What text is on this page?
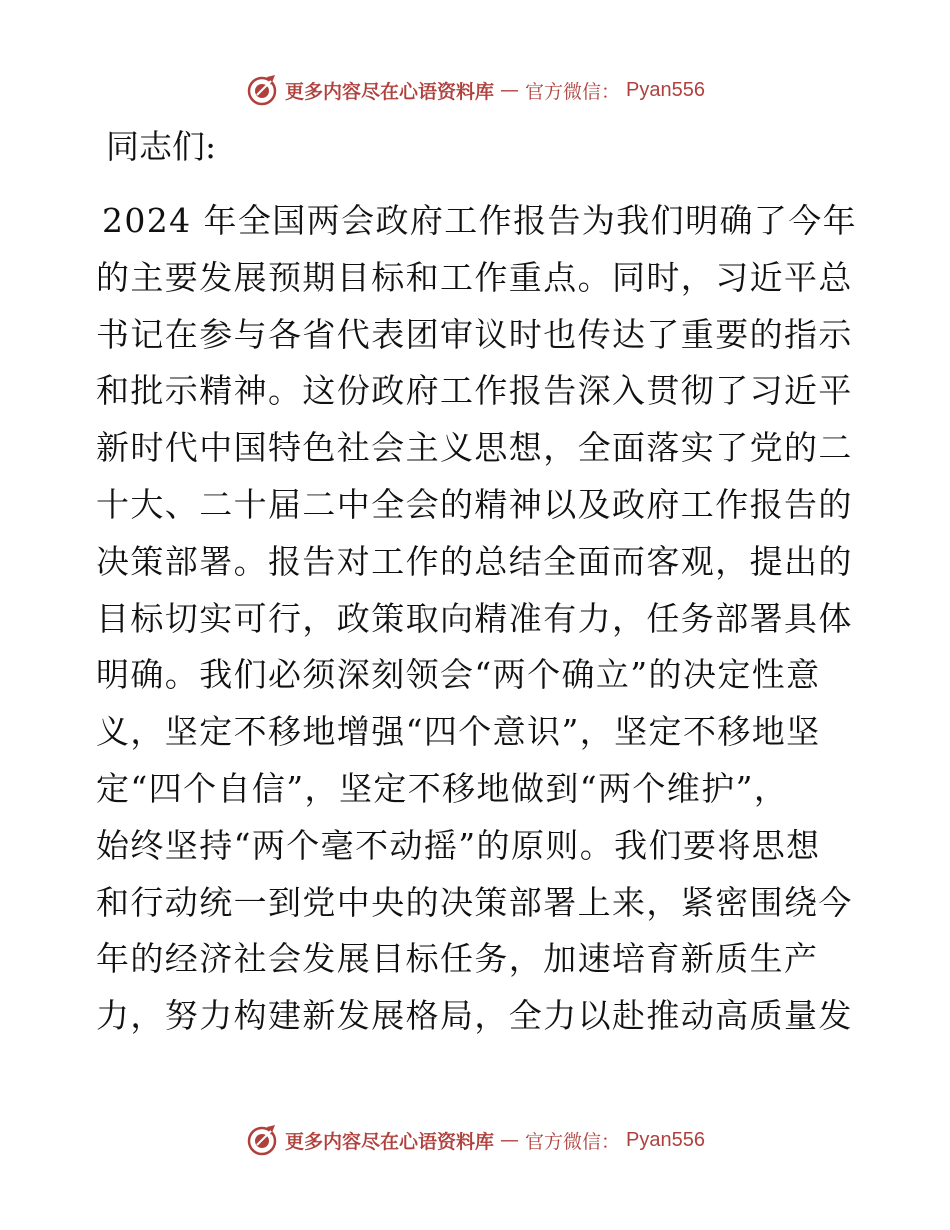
更多内容尽在心语资料库 — 官方微信： Pyan556

同志们:

2024 年全国两会政府工作报告为我们明确了今年
的主要发展预期目标和工作重点。同时，习近平总
书记在参与各省代表团审议时也传达了重要的指示
和批示精神。这份政府工作报告深入贯彻了习近平
新时代中国特色社会主义思想，全面落实了党的二
十大、二十届二中全会的精神以及政府工作报告的
决策部署。报告对工作的总结全面而客观，提出的
目标切实可行，政策取向精准有力，任务部署具体
明确。我们必须深刻领会“两个确立”的决定性意
义，坚定不移地增强“四个意识”，坚定不移地坚
定“四个自信”，坚定不移地做到“两个维护”，
始终坚持“两个毫不动摇”的原则。我们要将思想
和行动统一到党中央的决策部署上来，紧密围绕今
年的经济社会发展目标任务，加速培育新质生产
力，努力构建新发展格局，全力以赴推动高质量发
更多内容尽在心语资料库 — 官方微信： Pyan556
